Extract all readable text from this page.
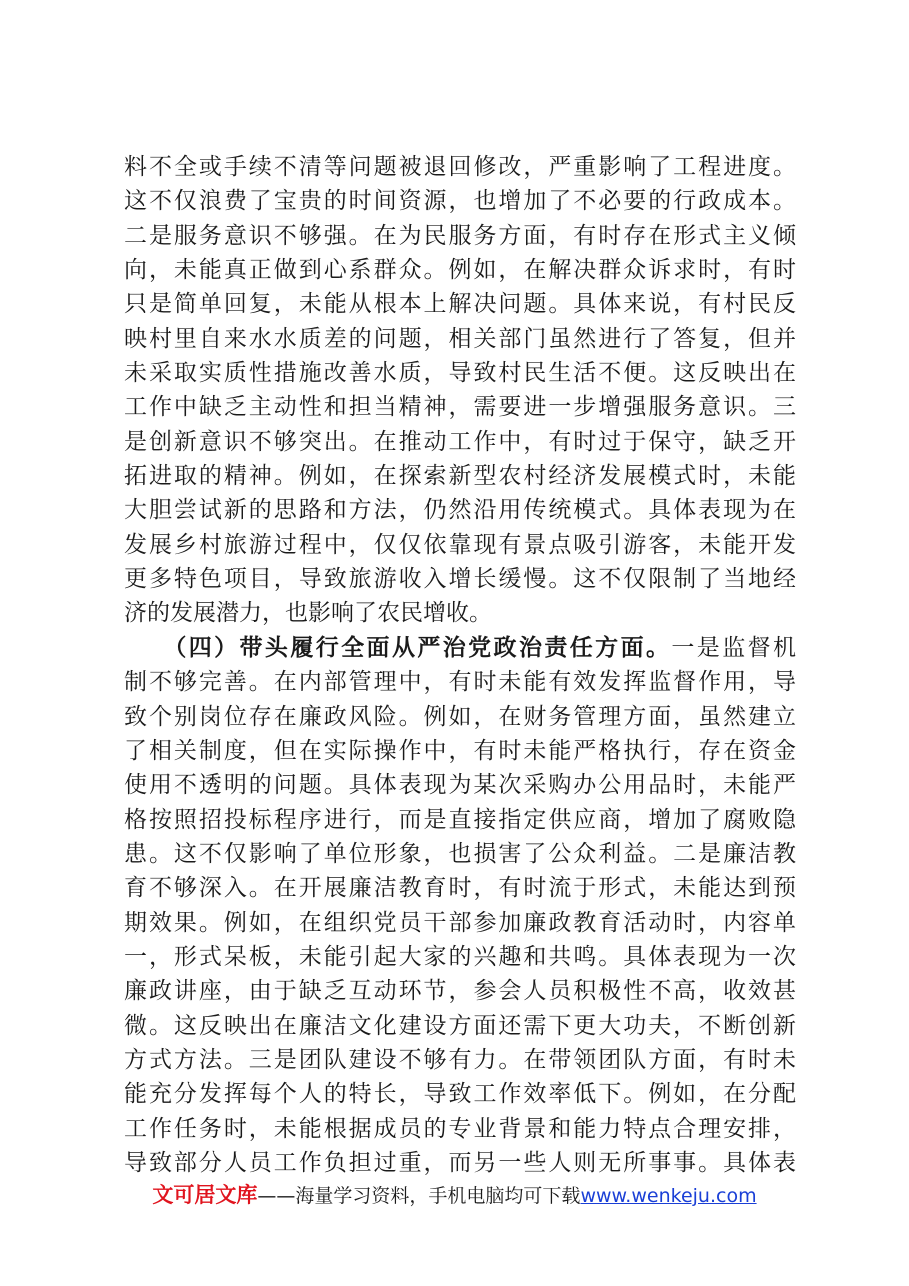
料不全或手续不清等问题被退回修改，严重影响了工程进度。
这不仅浪费了宝贵的时间资源，也增加了不必要的行政成本。
二是服务意识不够强。在为民服务方面，有时存在形式主义倾
向，未能真正做到心系群众。例如，在解决群众诉求时，有时
只是简单回复，未能从根本上解决问题。具体来说，有村民反
映村里自来水水质差的问题，相关部门虽然进行了答复，但并
未采取实质性措施改善水质，导致村民生活不便。这反映出在
工作中缺乏主动性和担当精神，需要进一步增强服务意识。三
是创新意识不够突出。在推动工作中，有时过于保守，缺乏开
拓进取的精神。例如，在探索新型农村经济发展模式时，未能
大胆尝试新的思路和方法，仍然沿用传统模式。具体表现为在
发展乡村旅游过程中，仅仅依靠现有景点吸引游客，未能开发
更多特色项目，导致旅游收入增长缓慢。这不仅限制了当地经
济的发展潜力，也影响了农民增收。
　　（四）带头履行全面从严治党政治责任方面。一是监督机
制不够完善。在内部管理中，有时未能有效发挥监督作用，导
致个别岗位存在廉政风险。例如，在财务管理方面，虽然建立
了相关制度，但在实际操作中，有时未能严格执行，存在资金
使用不透明的问题。具体表现为某次采购办公用品时，未能严
格按照招投标程序进行，而是直接指定供应商，增加了腐败隐
患。这不仅影响了单位形象，也损害了公众利益。二是廉洁教
育不够深入。在开展廉洁教育时，有时流于形式，未能达到预
期效果。例如，在组织党员干部参加廉政教育活动时，内容单
一，形式呆板，未能引起大家的兴趣和共鸣。具体表现为一次
廉政讲座，由于缺乏互动环节，参会人员积极性不高，收效甚
微。这反映出在廉洁文化建设方面还需下更大功夫，不断创新
方式方法。三是团队建设不够有力。在带领团队方面，有时未
能充分发挥每个人的特长，导致工作效率低下。例如，在分配
工作任务时，未能根据成员的专业背景和能力特点合理安排，
导致部分人员工作负担过重，而另一些人则无所事事。具体表
文可居文库——海量学习资料，手机电脑均可下载www.wenkeju.com
